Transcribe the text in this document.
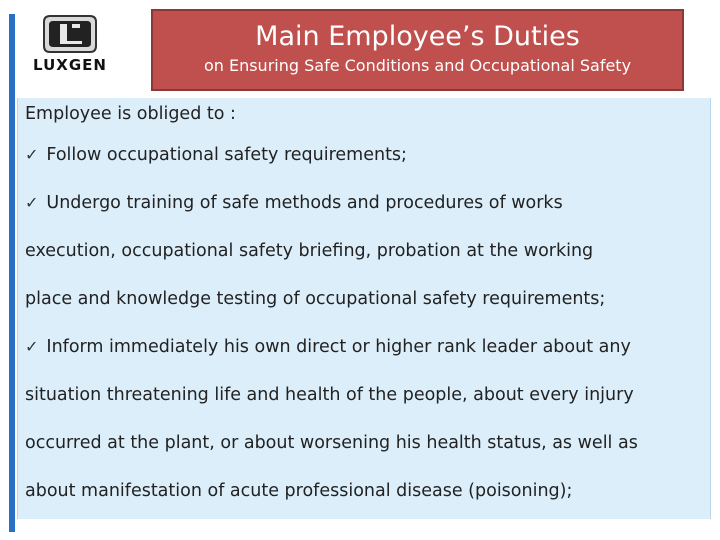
LUXGEN
Main Employee’s Duties
on Ensuring Safe Conditions and Occupational Safety
Employee is obliged to :
✓ Follow occupational safety requirements;
✓ Undergo training of safe methods and procedures of works
execution, occupational safety briefing, probation at the working
place and knowledge testing of occupational safety requirements;
✓ Inform immediately his own direct or higher rank leader about any
situation threatening life and health of the people, about every injury
occurred at the plant, or about worsening his health status, as well as
about manifestation of acute professional disease (poisoning);
